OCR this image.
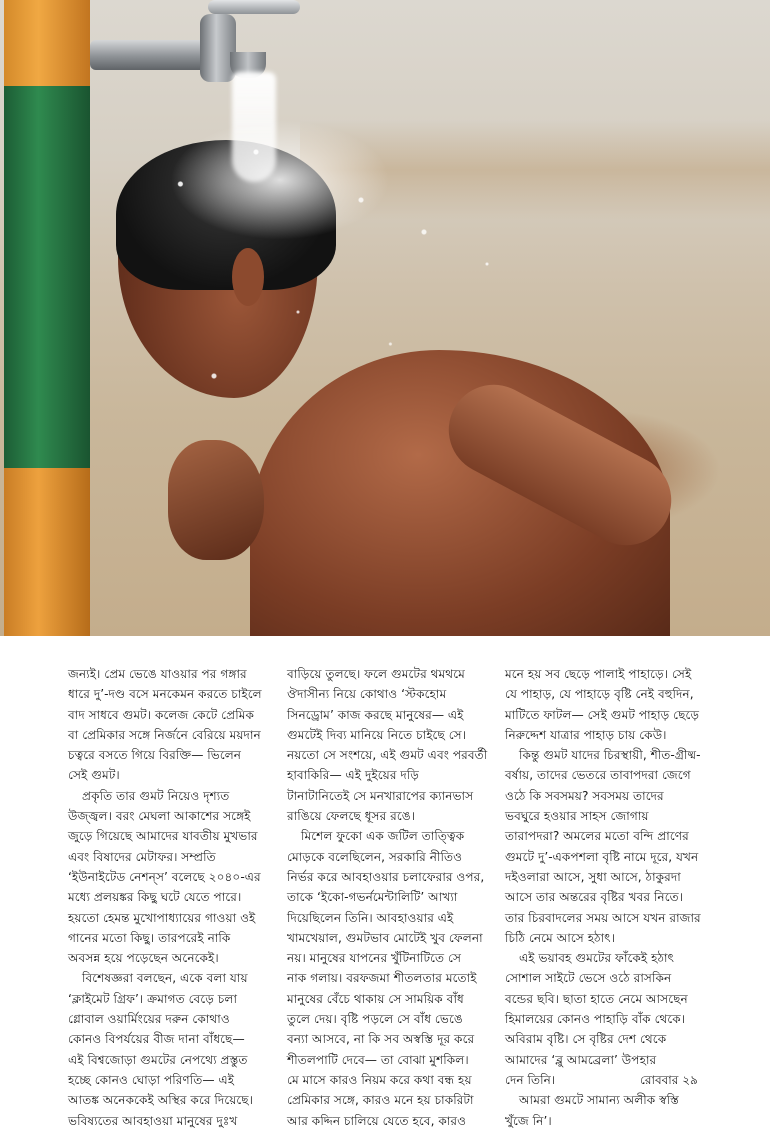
জন্যই। প্রেম ভেঙে যাওয়ার পর গঙ্গার

ধারে দু’-দণ্ড বসে মনকেমন করতে চাইলে

বাদ সাধবে গুমট। কলেজ কেটে প্রেমিক

বা প্রেমিকার সঙ্গে নির্জনে বেরিয়ে ময়দান

চত্বরে বসতে গিয়ে বিরক্তি— ভিলেন

সেই গুমট।

প্রকৃতি তার গুমট নিয়েও দৃশ্যত

উজ্জ্বল। বরং মেঘলা আকাশের সঙ্গেই

জুড়ে গিয়েছে আমাদের যাবতীয় মুখভার

এবং বিষাদের মেটাফর। সম্প্রতি

‘ইউনাইটেড নেশন্‌স’ বলেছে ২০৪০-এর

মধ্যে প্রলয়ঙ্কর কিছু ঘটে যেতে পারে।

হয়তো হেমন্ত মুখোপাধ্যায়ের গাওয়া ওই

গানের মতো কিছু। তারপরেই নাকি

অবসন্ন হয়ে পড়েছেন অনেকেই।

বিশেষজ্ঞরা বলছেন, একে বলা যায়

‘ক্লাইমেট গ্রিফ’। ক্রমাগত বেড়ে চলা

গ্লোবাল ওয়ার্মিংয়ের দরুন কোথাও

কোনও বিপর্যয়ের বীজ দানা বাঁধছে—

এই বিশ্বজোড়া গুমটের নেপথ্যে প্রস্তুত

হচ্ছে কোনও ঘোড়া পরিণতি— এই

আতঙ্ক অনেককেই অস্থির করে দিয়েছে।

ভবিষ্যতের আবহাওয়া মানুষের দুঃখ

বাড়িয়ে তুলছে। ফলে গুমটের থমথমে

ঔদাসীন্য নিয়ে কোথাও ‘স্টকহোম

সিনড্রোম’ কাজ করছে মানুষের— এই

গুমটেই দিব্য মানিয়ে নিতে চাইছে সে।

নয়তো সে সংশয়ে, এই গুমট এবং পরবর্তী

হাবাকিরি— এই দুইয়ের দড়ি

টানাটানিতেই সে মনখারাপের ক্যানভাস

রাঙিয়ে ফেলছে ধূসর রঙে।

মিশেল ফুকো এক জটিল তাত্ত্বিক

মোড়কে বলেছিলেন, সরকারি নীতিও

নির্ভর করে আবহাওয়ার চলাফেরার ওপর,

তাকে ‘ইকো-গভর্নমেন্টালিটি’ আখ্যা

দিয়েছিলেন তিনি। আবহাওয়ার এই

খামখেয়াল, গুমটভাব মোটেই খুব ফেলনা

নয়। মানুষের যাপনের খুঁটিনাটিতে সে

নাক গলায়। বরফজমা শীতলতার মতোই

মানুষের বেঁচে থাকায় সে সাময়িক বাঁধ

তুলে দেয়। বৃষ্টি পড়লে সে বাঁধ ভেঙে

বন্যা আসবে, না কি সব অস্বস্তি দূর করে

শীতলপাটি দেবে— তা বোঝা মুশকিল।

মে মাসে কারও নিয়ম করে কথা বন্ধ হয়

প্রেমিকার সঙ্গে, কারও মনে হয় চাকরিটা

আর কদ্দিন চালিয়ে যেতে হবে, কারও

মনে হয় সব ছেড়ে পালাই পাহাড়ে। সেই

যে পাহাড়, যে পাহাড়ে বৃষ্টি নেই বহুদিন,

মাটিতে ফাটল— সেই গুমট পাহাড় ছেড়ে

নিরুদ্দেশ যাত্রার পাহাড় চায় কেউ।

কিন্তু গুমট যাদের চিরস্থায়ী, শীত-গ্রীষ্ম-

বর্ষায়, তাদের ভেতরে তাবাপদরা জেগে

ওঠে কি সবসময়? সবসময় তাদের

ভবঘুরে হওয়ার সাহস জোগায়

তারাপদরা? অমলের মতো বন্দি প্রাণের

গুমটে দু’-একপশলা বৃষ্টি নামে দূরে, যখন

দইওলারা আসে, সুধা আসে, ঠাকুরদা

আসে তার অন্তরের বৃষ্টির খবর নিতে।

তার চিরবাদলের সময় আসে যখন রাজার

চিঠি নেমে আসে হঠাৎ।

এই ভয়াবহ গুমটের ফাঁকেই হঠাৎ

সোশাল সাইটে ভেসে ওঠে রাসকিন

বন্ডের ছবি। ছাতা হাতে নেমে আসছেন

হিমালয়ের কোনও পাহাড়ি বাঁক থেকে।

অবিরাম বৃষ্টি। সে বৃষ্টির দেশ থেকে

আমাদের ‘ব্লু আমব্রেলা’ উপহার

দেন তিনি।

আমরা গুমটে সামান্য অলীক স্বস্তি

খুঁজে নি’।

রোববার ২৯
